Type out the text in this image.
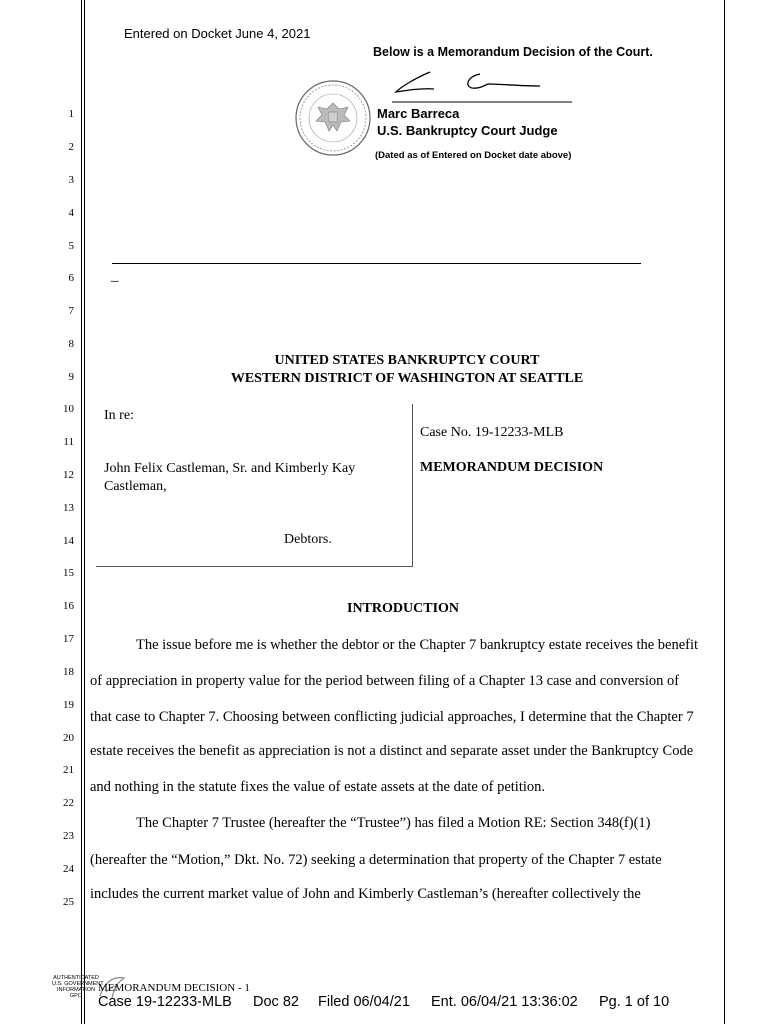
Entered on Docket June 4, 2021
Below is a Memorandum Decision of the Court.
Marc Barreca
U.S. Bankruptcy Court Judge
(Dated as of Entered on Docket date above)
_
1
2
3
4
5
6
7
8
9
10
11
12
13
14
15
16
17
18
19
20
21
22
23
24
25
UNITED STATES BANKRUPTCY COURT
WESTERN DISTRICT OF WASHINGTON AT SEATTLE
In re:
John Felix Castleman, Sr. and Kimberly Kay
Castleman,
Debtors.
Case No. 19-12233-MLB
MEMORANDUM DECISION
INTRODUCTION
The issue before me is whether the debtor or the Chapter 7 bankruptcy estate receives the benefit
of appreciation in property value for the period between filing of a Chapter 13 case and conversion of
that case to Chapter 7. Choosing between conflicting judicial approaches, I determine that the Chapter 7
estate receives the benefit as appreciation is not a distinct and separate asset under the Bankruptcy Code
and nothing in the statute fixes the value of estate assets at the date of petition.
The Chapter 7 Trustee (hereafter the “Trustee”) has filed a Motion RE: Section 348(f)(1)
(hereafter the “Motion,” Dkt. No. 72) seeking a determination that property of the Chapter 7 estate
includes the current market value of John and Kimberly Castleman’s (hereafter collectively the
AUTHENTICATED
U.S. GOVERNMENT
INFORMATION
GPO
MEMORANDUM DECISION - 1
Case 19-12233-MLB Doc 82 Filed 06/04/21 Ent. 06/04/21 13:36:02 Pg. 1 of 10
